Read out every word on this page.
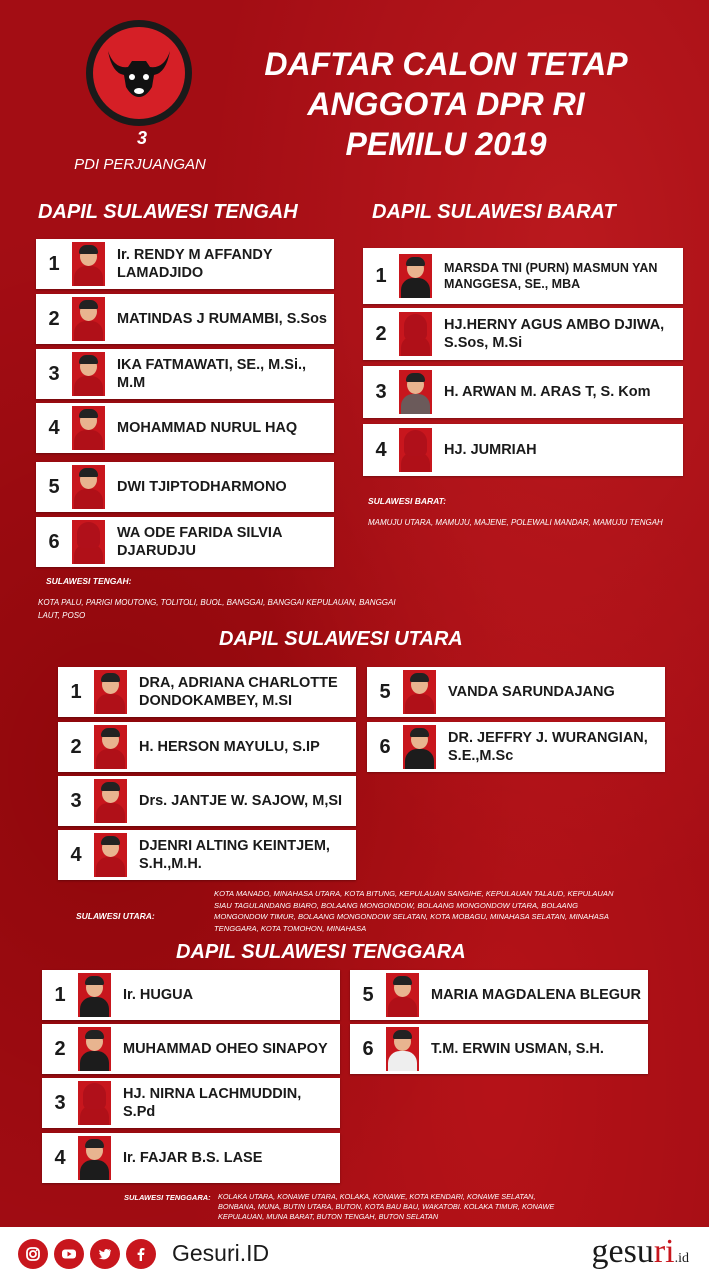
3
PDI PERJUANGAN
DAFTAR CALON TETAP
ANGGOTA DPR RI
PEMILU 2019
DAPIL SULAWESI TENGAH
1	Ir. RENDY M AFFANDY LAMADJIDO
2	MATINDAS J RUMAMBI, S.Sos
3	IKA FATMAWATI, SE., M.Si., M.M
4	MOHAMMAD NURUL HAQ
5	DWI TJIPTODHARMONO
6	WA ODE FARIDA SILVIA DJARUDJU
SULAWESI TENGAH:
KOTA PALU, PARIGI MOUTONG, TOLITOLI, BUOL, BANGGAI, BANGGAI KEPULAUAN, BANGGAI LAUT, POSO
DAPIL SULAWESI BARAT
1	MARSDA TNI (PURN) MASMUN YAN MANGGESA, SE., MBA
2	HJ.HERNY AGUS AMBO DJIWA, S.Sos, M.Si
3	H. ARWAN M. ARAS T, S. Kom
4	HJ. JUMRIAH
SULAWESI BARAT:
MAMUJU UTARA, MAMUJU, MAJENE, POLEWALI MANDAR, MAMUJU TENGAH
DAPIL SULAWESI UTARA
1	DRA, ADRIANA CHARLOTTE DONDOKAMBEY, M.SI
2	H. HERSON MAYULU, S.IP
3	Drs. JANTJE W. SAJOW, M,SI
4	DJENRI ALTING KEINTJEM, S.H.,M.H.
5	VANDA SARUNDAJANG
6	DR. JEFFRY J. WURANGIAN, S.E.,M.Sc
SULAWESI UTARA:
KOTA MANADO, MINAHASA UTARA, KOTA BITUNG, KEPULAUAN SANGIHE, KEPULAUAN TALAUD, KEPULAUAN SIAU TAGULANDANG BIARO, BOLAANG MONGONDOW, BOLAANG MONGONDOW UTARA, BOLAANG MONGONDOW TIMUR, BOLAANG MONGONDOW SELATAN, KOTA MOBAGU, MINAHASA SELATAN, MINAHASA TENGGARA, KOTA TOMOHON, MINAHASA
DAPIL SULAWESI TENGGARA
1	Ir. HUGUA
2	MUHAMMAD OHEO SINAPOY
3	HJ. NIRNA LACHMUDDIN, S.Pd
4	Ir. FAJAR B.S. LASE
5	MARIA MAGDALENA BLEGUR
6	T.M. ERWIN USMAN, S.H.
SULAWESI TENGGARA: KOLAKA UTARA, KONAWE UTARA, KOLAKA, KONAWE, KOTA KENDARI, KONAWE SELATAN, BONBANA, MUNA, BUTIN UTARA, BUTON, KOTA BAU BAU, WAKATOBI. KOLAKA TIMUR, KONAWE KEPULAUAN, MUNA BARAT, BUTON TENGAH, BUTON SELATAN
Gesuri.ID	gesuri.id
